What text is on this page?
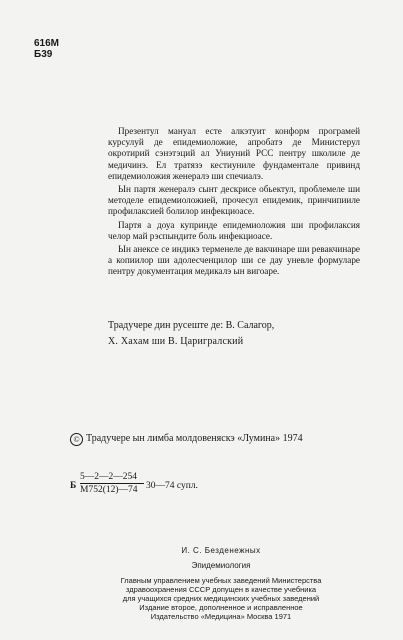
616М
Б39

Презентул мануал есте алкэтуит конформ програмей курсулуй де епидемиоложие, апробатэ де Министерул окротирий сэнэтэций ал Униуний РСС пентру школиле де медичинэ. Ел тратязэ кестиуниле фундаментале привинд епидемиоложия женералэ ши спечиалэ.

Ын партя женералэ сынт дескрисе обьектул, проблемеле ши методеле епидемиоложией, прочесул епидемик, принчипииле профилаксией болилор инфекциоасе.

Партя а доуа купринде епидемиоложия ши профилаксия челор май рэспындите боль инфекциоасе.

Ын анексе се индикэ терменеле де вакчинаре ши ревакчинаре а копиилор ши адолесченцилор ши се дау уневле формуларе пентру документация медикалэ ын вигоаре.

Традучере дин русеште де: В. Салагор,
Х. Хахам ши В. Царигралский
© Традучере ын лимба молдовеняскэ «Лумина» 1974
Б
5—2—2—254
М752(12)—74 30—74 супл.
И. С. Безденежных
Эпидемиология
Главным управлением учебных заведений Министерства
здравоохранения СССР допущен в качестве учебника
для учащихся средних медицинских учебных заведений
Издание второе, дополненное и исправленное
Издательство «Медицина» Москва 1971
